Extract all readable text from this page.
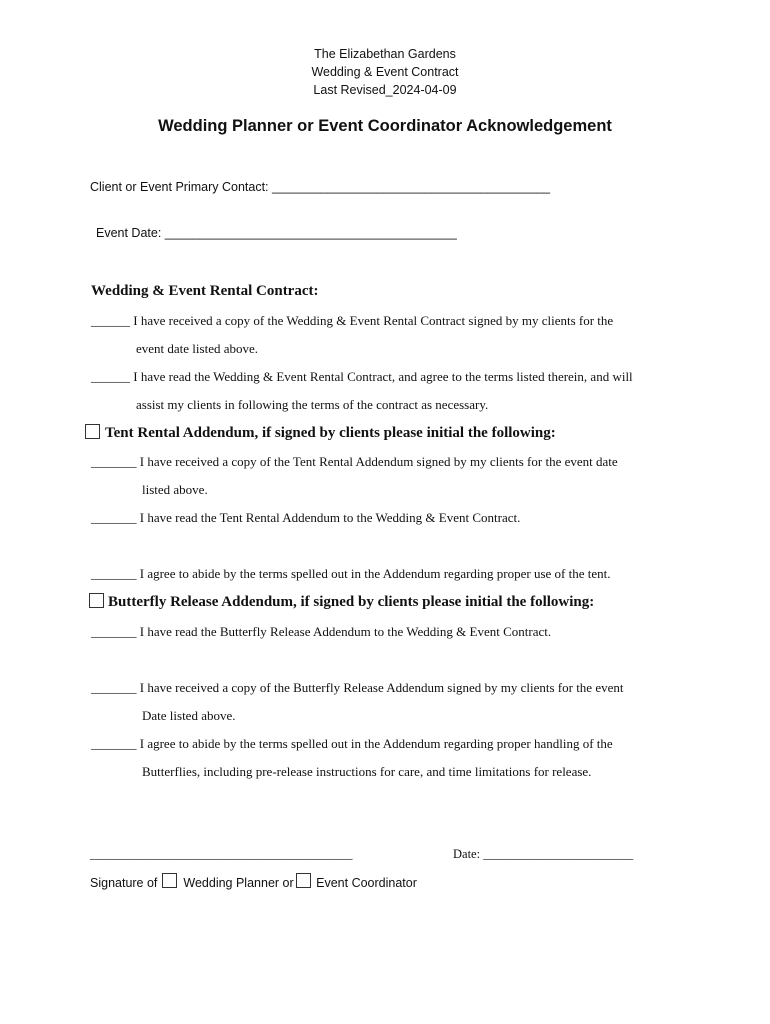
The Elizabethan Gardens
Wedding & Event Contract
Last Revised_2024-04-09
Wedding Planner or Event Coordinator Acknowledgement
Client or Event Primary Contact: ________________________________________
Event Date: __________________________________________
Wedding & Event Rental Contract:
______ I have received a copy of the Wedding & Event Rental Contract signed by my clients for the
event date listed above.
______ I have read the Wedding & Event Rental Contract, and agree to the terms listed therein, and will
assist my clients in following the terms of the contract as necessary.
Tent Rental Addendum, if signed by clients please initial the following:
_______ I have received a copy of the Tent Rental Addendum signed by my clients for the event date
listed above.
_______ I have read the Tent Rental Addendum to the Wedding & Event Contract.
_______ I agree to abide by the terms spelled out in the Addendum regarding proper use of the tent.
Butterfly Release Addendum, if signed by clients please initial the following:
_______ I have read the Butterfly Release Addendum to the Wedding & Event Contract.
_______ I have received a copy of the Butterfly Release Addendum signed by my clients for the event
Date listed above.
_______ I agree to abide by the terms spelled out in the Addendum regarding proper handling of the
Butterflies, including pre-release instructions for care, and time limitations for release.
__________________________________________	Date: ________________________
Signature of Wedding Planner or Event Coordinator
